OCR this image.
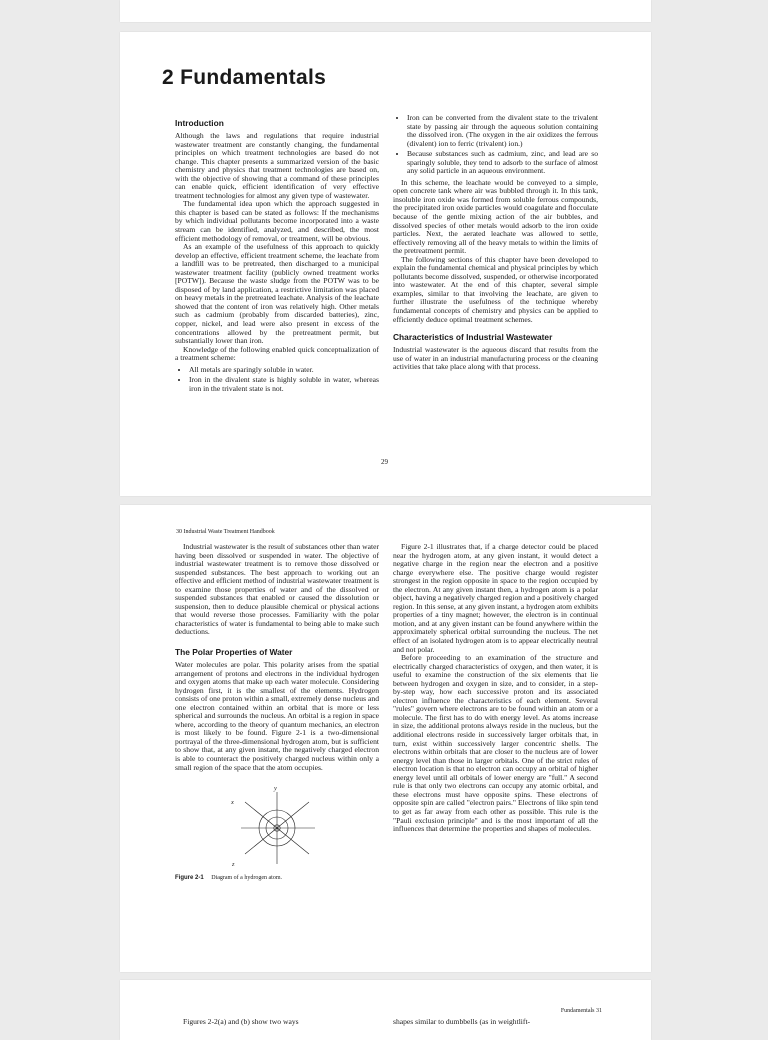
2 Fundamentals
Introduction

Although the laws and regulations that require industrial wastewater treatment are constantly changing, the fundamental principles on which treatment technologies are based do not change. This chapter presents a summarized version of the basic chemistry and physics that treatment technologies are based on, with the objective of showing that a command of these principles can enable quick, efficient identification of very effective treatment technologies for almost any given type of wastewater.

The fundamental idea upon which the approach suggested in this chapter is based can be stated as follows: If the mechanisms by which individual pollutants become incorporated into a waste stream can be identified, analyzed, and described, the most efficient methodology of removal, or treatment, will be obvious.

As an example of the usefulness of this approach to quickly develop an effective, efficient treatment scheme, the leachate from a landfill was to be pretreated, then discharged to a municipal wastewater treatment facility (publicly owned treatment works [POTW]). Because the waste sludge from the POTW was to be disposed of by land application, a restrictive limitation was placed on heavy metals in the pretreated leachate. Analysis of the leachate showed that the content of iron was relatively high. Other metals such as cadmium (probably from discarded batteries), zinc, copper, nickel, and lead were also present in excess of the concentrations allowed by the pretreatment permit, but substantially lower than iron.

Knowledge of the following enabled quick conceptualization of a treatment scheme:

• All metals are sparingly soluble in water.
• Iron in the divalent state is highly soluble in water, whereas iron in the trivalent state is not.
• Iron can be converted from the divalent state to the trivalent state by passing air through the aqueous solution containing the dissolved iron. (The oxygen in the air oxidizes the ferrous (divalent) ion to ferric (trivalent) ion.)
• Because substances such as cadmium, zinc, and lead are so sparingly soluble, they tend to adsorb to the surface of almost any solid particle in an aqueous environment.

In this scheme, the leachate would be conveyed to a simple, open concrete tank where air was bubbled through it. In this tank, insoluble iron oxide was formed from soluble ferrous compounds, the precipitated iron oxide particles would coagulate and flocculate because of the gentle mixing action of the air bubbles, and dissolved species of other metals would adsorb to the iron oxide particles. Next, the aerated leachate was allowed to settle, effectively removing all of the heavy metals to within the limits of the pretreatment permit.

The following sections of this chapter have been developed to explain the fundamental chemical and physical principles by which pollutants become dissolved, suspended, or otherwise incorporated into wastewater. At the end of this chapter, several simple examples, similar to that involving the leachate, are given to further illustrate the usefulness of the technique whereby fundamental concepts of chemistry and physics can be applied to efficiently deduce optimal treatment schemes.

Characteristics of Industrial Wastewater

Industrial wastewater is the aqueous discard that results from the use of water in an industrial manufacturing process or the cleaning activities that take place along with that process.

29
30 Industrial Waste Treatment Handbook

Industrial wastewater is the result of substances other than water having been dissolved or suspended in water. The objective of industrial wastewater treatment is to remove those dissolved or suspended substances. The best approach to working out an effective and efficient method of industrial wastewater treatment is to examine those properties of water and of the dissolved or suspended substances that enabled or caused the dissolution or suspension, then to deduce plausible chemical or physical actions that would reverse those processes. Familiarity with the polar characteristics of water is fundamental to being able to make such deductions.

The Polar Properties of Water

Water molecules are polar. This polarity arises from the spatial arrangement of protons and electrons in the individual hydrogen and oxygen atoms that make up each water molecule. Considering hydrogen first, it is the smallest of the elements. Hydrogen consists of one proton within a small, extremely dense nucleus and one electron contained within an orbital that is more or less spherical and surrounds the nucleus. An orbital is a region in space where, according to the theory of quantum mechanics, an electron is most likely to be found. Figure 2-1 is a two-dimensional portrayal of the three-dimensional hydrogen atom, but is sufficient to show that, at any given instant, the negatively charged electron is able to counteract the positively charged nucleus within only a small region of the space that the atom occupies.

+
x
y
z
Figure 2-1 Diagram of a hydrogen atom.

Figure 2-1 illustrates that, if a charge detector could be placed near the hydrogen atom, at any given instant, it would detect a negative charge in the region near the electron and a positive charge everywhere else. The positive charge would register strongest in the region opposite in space to the region occupied by the electron. At any given instant then, a hydrogen atom is a polar object, having a negatively charged region and a positively charged region. In this sense, at any given instant, a hydrogen atom exhibits properties of a tiny magnet; however, the electron is in continual motion, and at any given instant can be found anywhere within the approximately spherical orbital surrounding the nucleus. The net effect of an isolated hydrogen atom is to appear electrically neutral and not polar.

Before proceeding to an examination of the structure and electrically charged characteristics of oxygen, and then water, it is useful to examine the construction of the six elements that lie between hydrogen and oxygen in size, and to consider, in a step-by-step way, how each successive proton and its associated electron influence the characteristics of each element. Several "rules" govern where electrons are to be found within an atom or a molecule. The first has to do with energy level. As atoms increase in size, the additional protons always reside in the nucleus, but the additional electrons reside in successively larger orbitals that, in turn, exist within successively larger concentric shells. The electrons within orbitals that are closer to the nucleus are of lower energy level than those in larger orbitals. One of the strict rules of electron location is that no electron can occupy an orbital of higher energy level until all orbitals of lower energy are "full." A second rule is that only two electrons can occupy any atomic orbital, and these electrons must have opposite spins. These electrons of opposite spin are called "electron pairs." Electrons of like spin tend to get as far away from each other as possible. This rule is the "Pauli exclusion principle" and is the most important of all the influences that determine the properties and shapes of molecules.

Fundamentals 31

Figures 2-2(a) and (b) show two ways	shapes similar to dumbbells (as in weightlift-
